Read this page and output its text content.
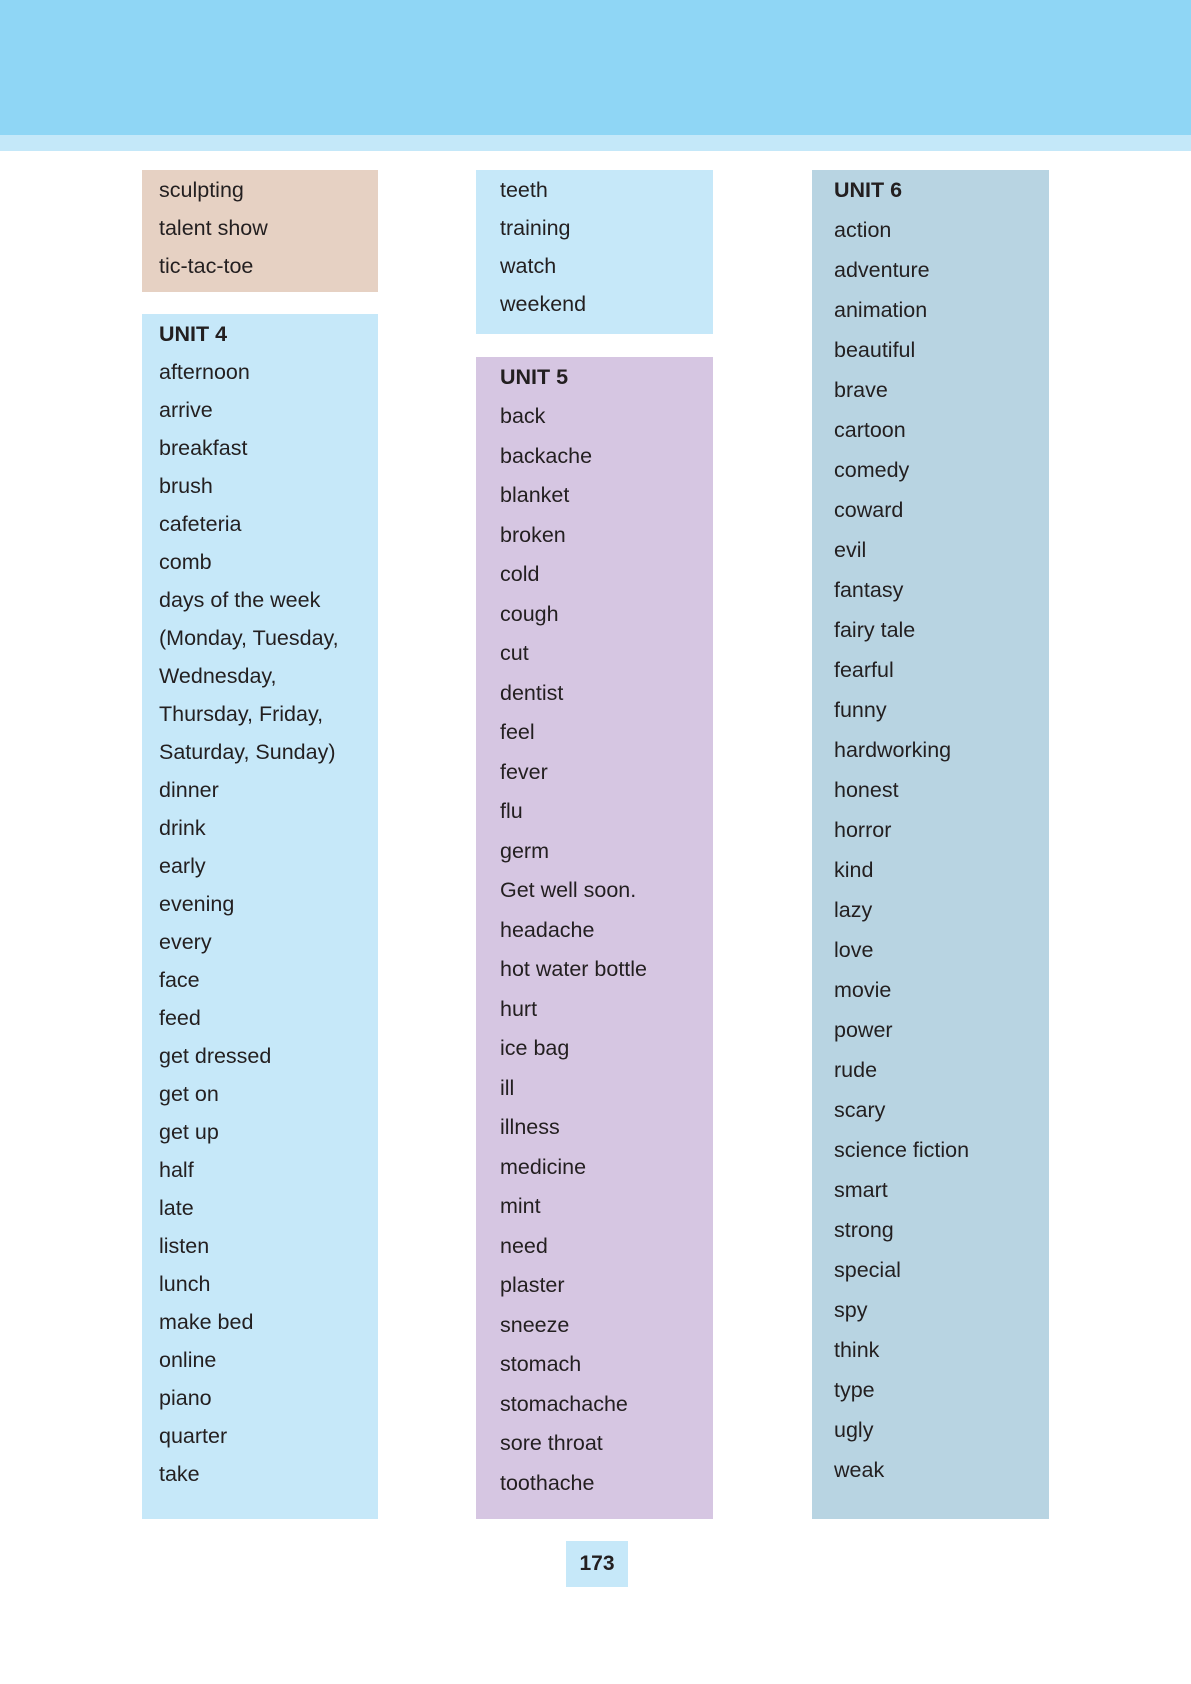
sculpting
talent show
tic-tac-toe
UNIT 4
afternoon
arrive
breakfast
brush
cafeteria
comb
days of the week
(Monday, Tuesday,
Wednesday,
Thursday, Friday,
Saturday, Sunday)
dinner
drink
early
evening
every
face
feed
get dressed
get on
get up
half
late
listen
lunch
make bed
online
piano
quarter
take
teeth
training
watch
weekend
UNIT 5
back
backache
blanket
broken
cold
cough
cut
dentist
feel
fever
flu
germ
Get well soon.
headache
hot water bottle
hurt
ice bag
ill
illness
medicine
mint
need
plaster
sneeze
stomach
stomachache
sore throat
toothache
UNIT 6
action
adventure
animation
beautiful
brave
cartoon
comedy
coward
evil
fantasy
fairy tale
fearful
funny
hardworking
honest
horror
kind
lazy
love
movie
power
rude
scary
science fiction
smart
strong
special
spy
think
type
ugly
weak
173
